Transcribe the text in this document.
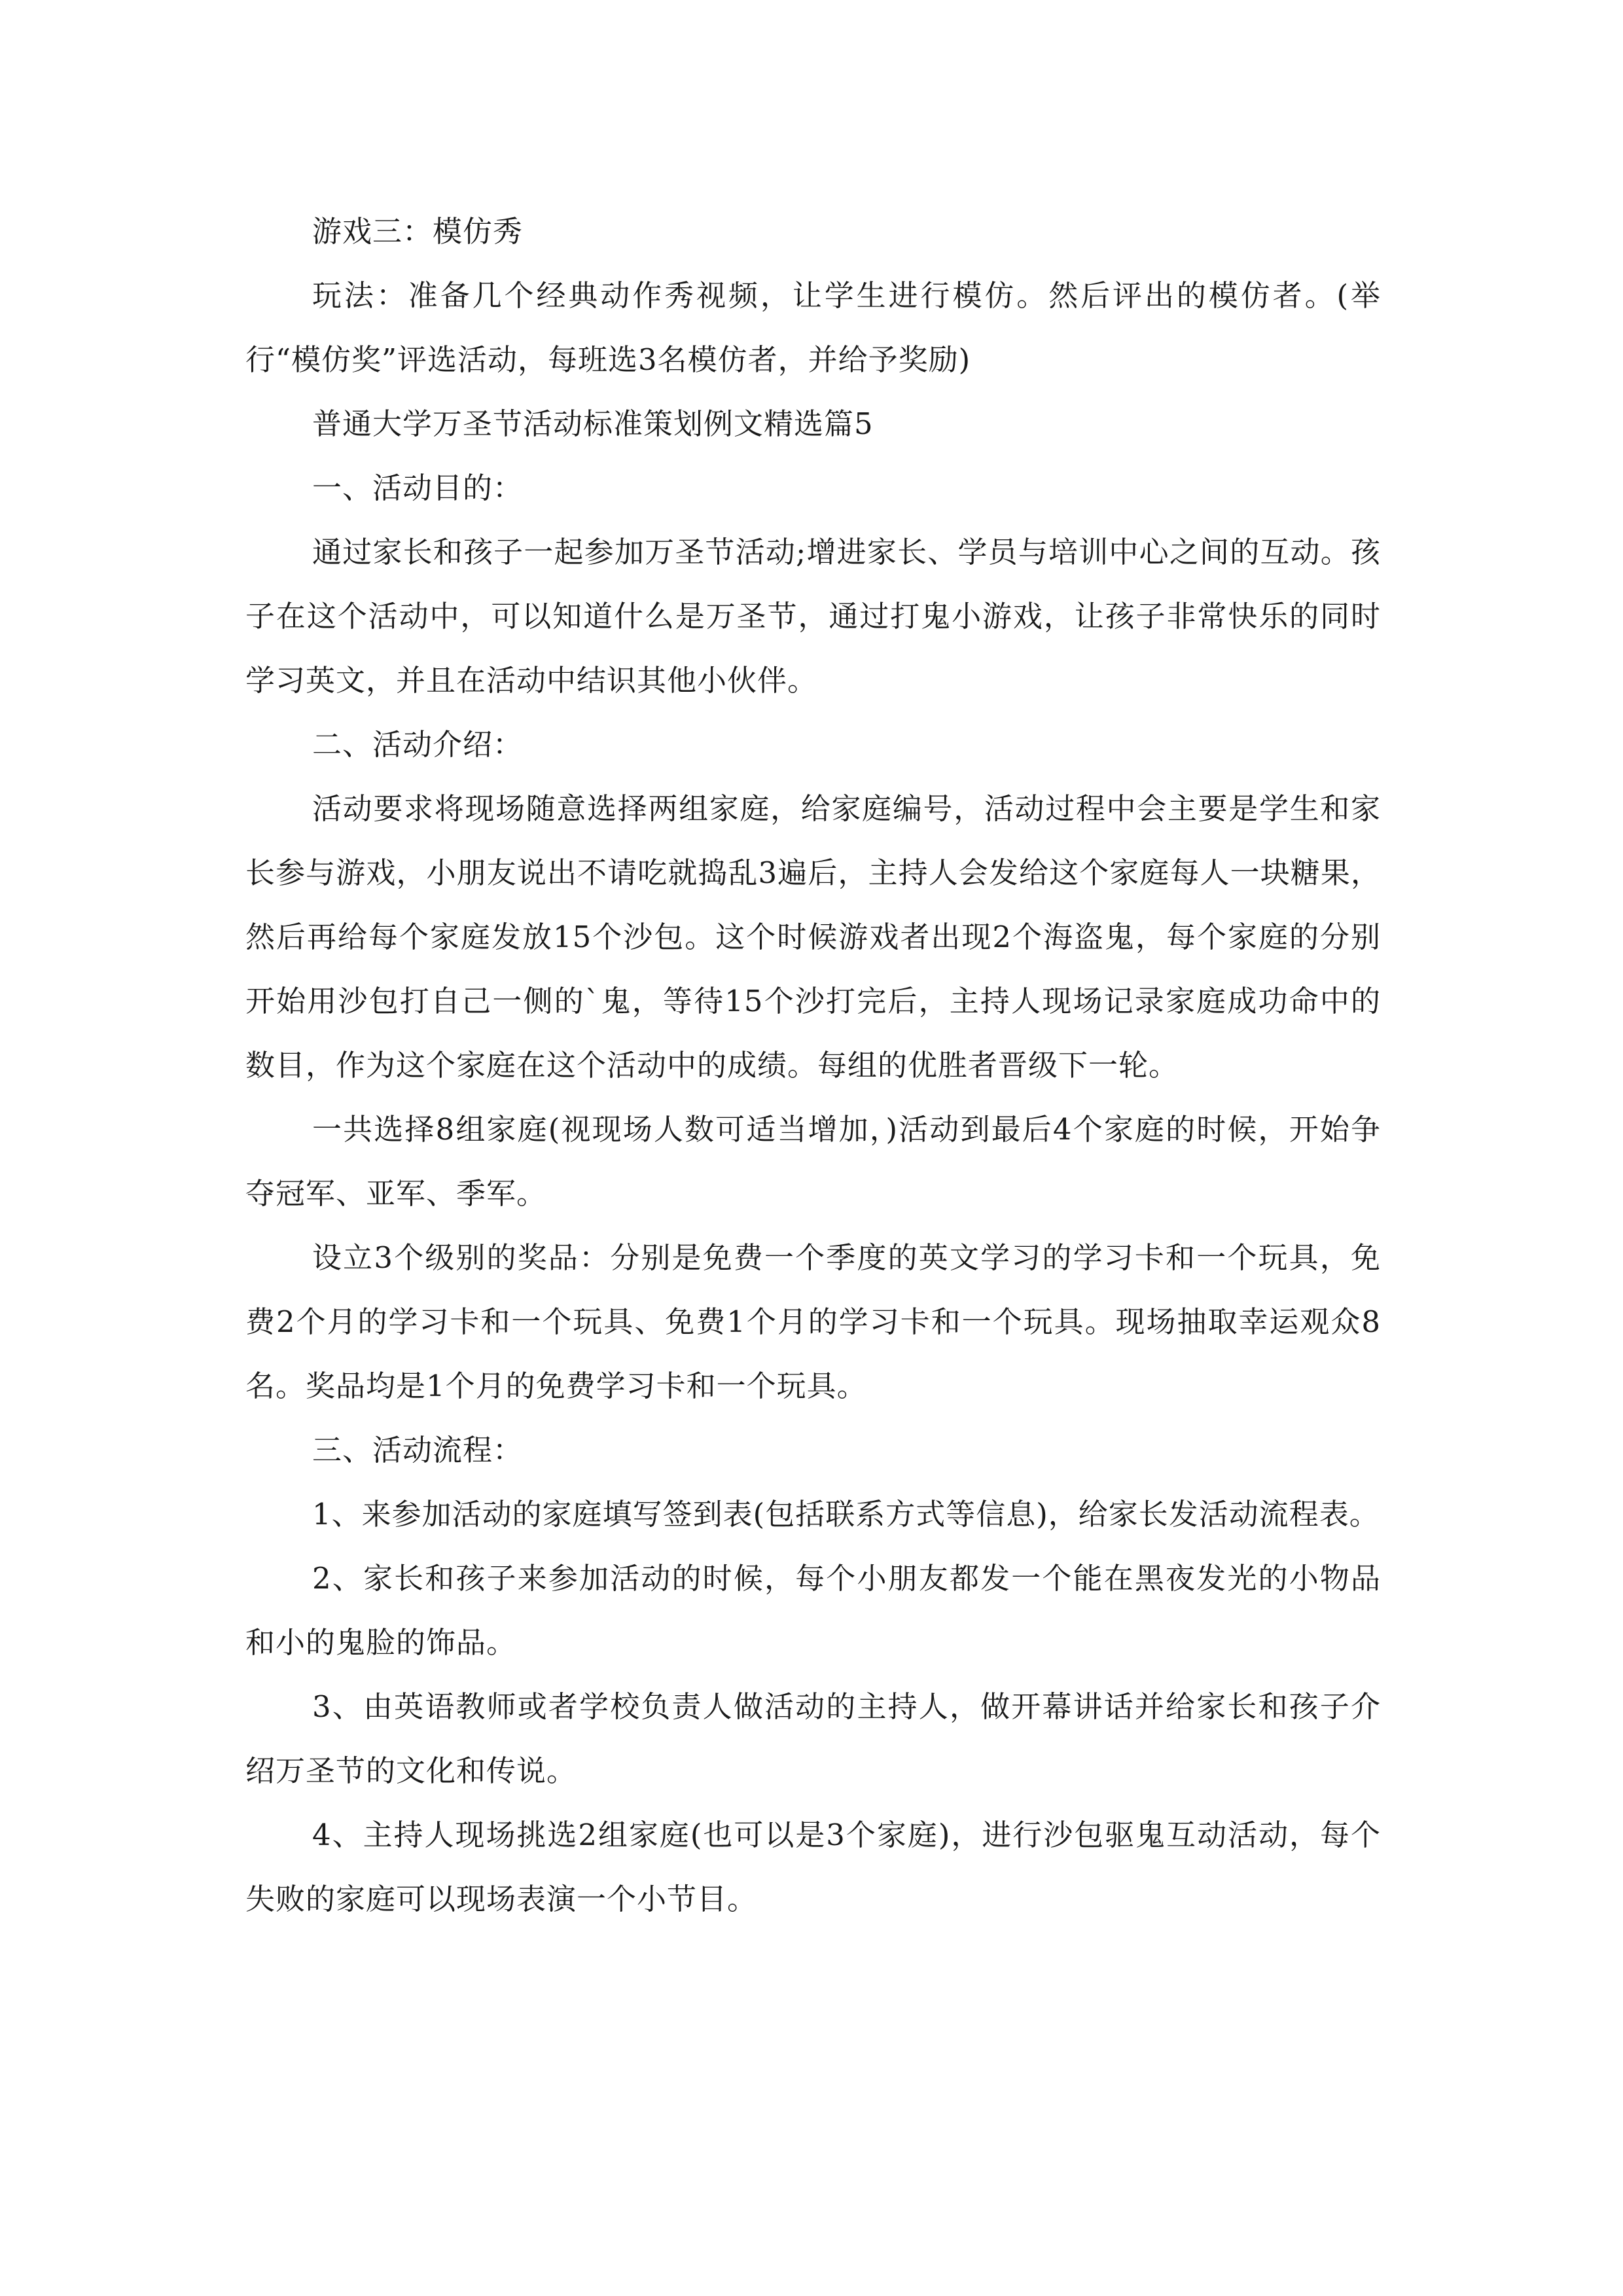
游戏三：模仿秀

玩法：准备几个经典动作秀视频，让学生进行模仿。然后评出的模仿者。(举行“模仿奖”评选活动，每班选3名模仿者，并给予奖励)

普通大学万圣节活动标准策划例文精选篇5

一、活动目的：

通过家长和孩子一起参加万圣节活动;增进家长、学员与培训中心之间的互动。孩子在这个活动中，可以知道什么是万圣节，通过打鬼小游戏，让孩子非常快乐的同时学习英文，并且在活动中结识其他小伙伴。

二、活动介绍：

活动要求将现场随意选择两组家庭，给家庭编号，活动过程中会主要是学生和家长参与游戏，小朋友说出不请吃就捣乱3遍后，主持人会发给这个家庭每人一块糖果，然后再给每个家庭发放15个沙包。这个时候游戏者出现2个海盗鬼，每个家庭的分别开始用沙包打自己一侧的`鬼，等待15个沙打完后，主持人现场记录家庭成功命中的数目，作为这个家庭在这个活动中的成绩。每组的优胜者晋级下一轮。

一共选择8组家庭(视现场人数可适当增加，)活动到最后4个家庭的时候，开始争夺冠军、亚军、季军。

设立3个级别的奖品：分别是免费一个季度的英文学习的学习卡和一个玩具，免费2个月的学习卡和一个玩具、免费1个月的学习卡和一个玩具。现场抽取幸运观众8名。奖品均是1个月的免费学习卡和一个玩具。

三、活动流程：

1、来参加活动的家庭填写签到表(包括联系方式等信息)，给家长发活动流程表。

2、家长和孩子来参加活动的时候，每个小朋友都发一个能在黑夜发光的小物品和小的鬼脸的饰品。

3、由英语教师或者学校负责人做活动的主持人，做开幕讲话并给家长和孩子介绍万圣节的文化和传说。

4、主持人现场挑选2组家庭(也可以是3个家庭)，进行沙包驱鬼互动活动，每个失败的家庭可以现场表演一个小节目。
